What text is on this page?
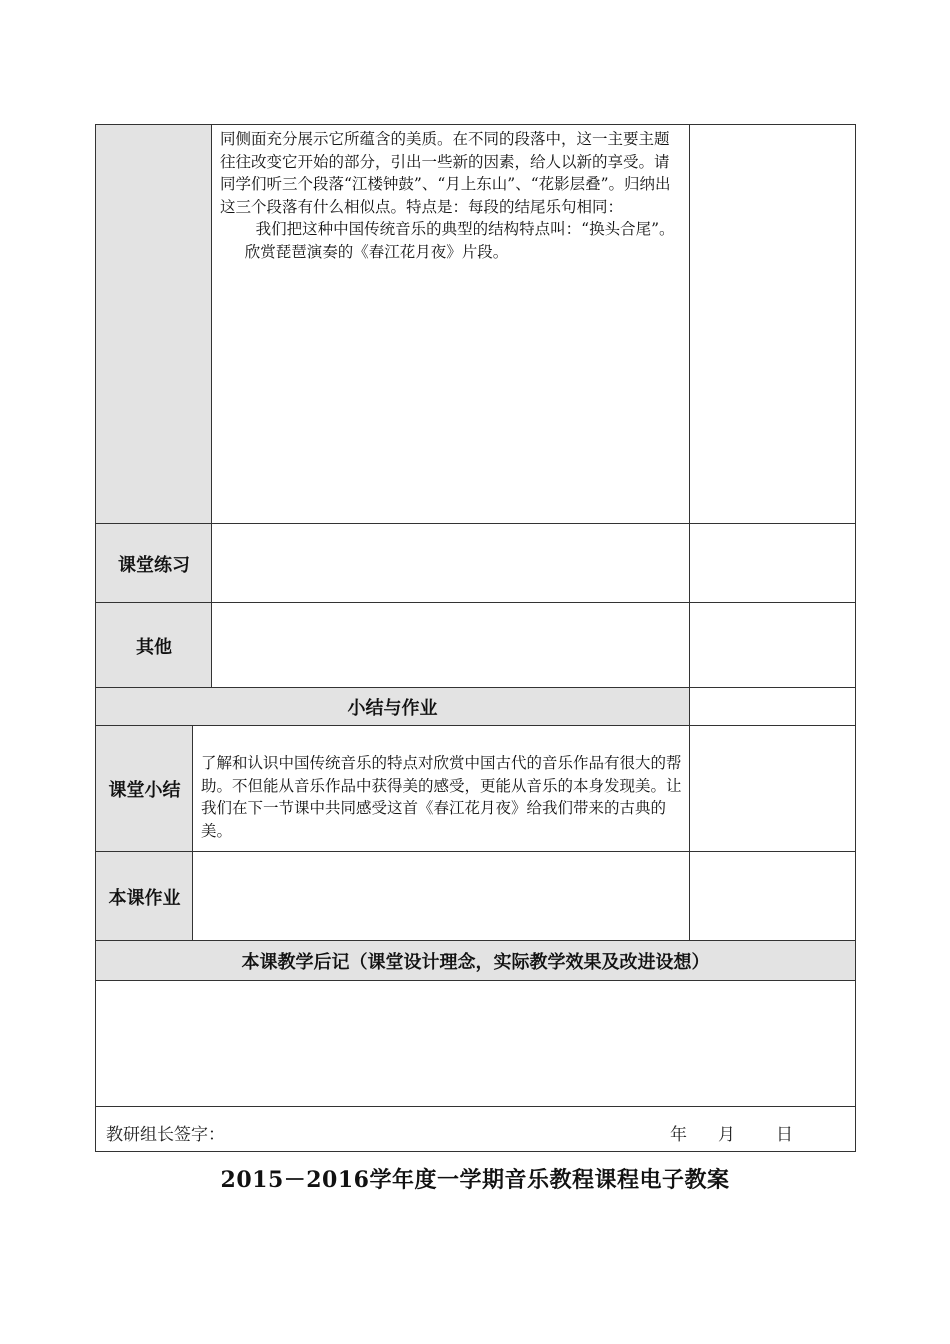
课堂练习
其他
小结与作业
课堂小结
本课作业
本课教学后记（课堂设计理念，实际教学效果及改进设想）
同侧面充分展示它所蕴含的美质。在不同的段落中，这一主要主题往往改变它开始的部分，引出一些新的因素，给人以新的享受。请同学们听三个段落“江楼钟鼓”、“月上东山”、“花影层叠”。归纳出这三个段落有什么相似点。特点是：每段的结尾乐句相同：
我们把这种中国传统音乐的典型的结构特点叫：“换头合尾”。
欣赏琵琶演奏的《春江花月夜》片段。
了解和认识中国传统音乐的特点对欣赏中国古代的音乐作品有很大的帮助。不但能从音乐作品中获得美的感受，更能从音乐的本身发现美。让我们在下一节课中共同感受这首《春江花月夜》给我们带来的古典的美。
教研组长签字：	年 月 日
2015－2016学年度一学期音乐教程课程电子教案
